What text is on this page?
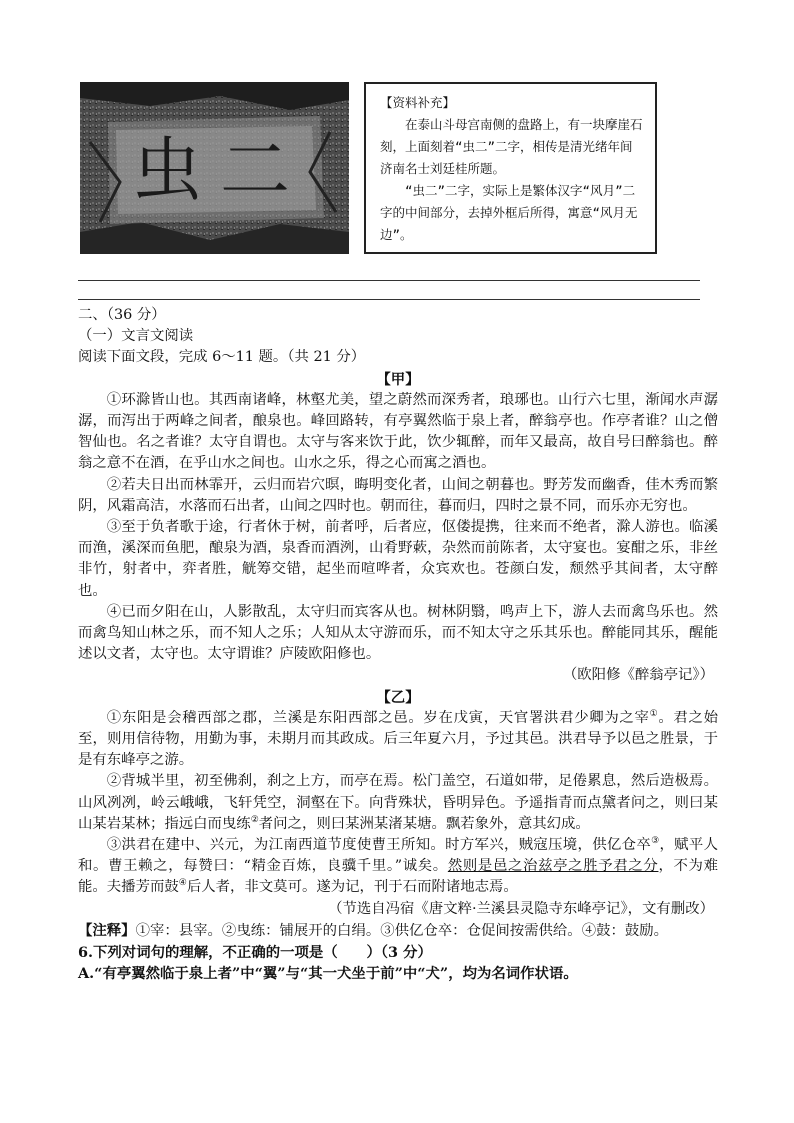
虫二

【资料补充】

在泰山斗母宫南侧的盘路上，有一块摩崖石刻，上面刻着“虫二”二字，相传是清光绪年间济南名士刘廷桂所题。

“虫二”二字，实际上是繁体汉字“风月”二字的中间部分，去掉外框后所得，寓意“风月无边”。

二、（36 分）

（一）文言文阅读

阅读下面文段，完成 6～11 题。（共 21 分）

【甲】

①环滁皆山也。其西南诸峰，林壑尤美，望之蔚然而深秀者，琅琊也。山行六七里，渐闻水声潺潺，而泻出于两峰之间者，酿泉也。峰回路转，有亭翼然临于泉上者，醉翁亭也。作亭者谁？山之僧智仙也。名之者谁？太守自谓也。太守与客来饮于此，饮少辄醉，而年又最高，故自号曰醉翁也。醉翁之意不在酒，在乎山水之间也。山水之乐，得之心而寓之酒也。

②若夫日出而林霏开，云归而岩穴暝，晦明变化者，山间之朝暮也。野芳发而幽香，佳木秀而繁阴，风霜高洁，水落而石出者，山间之四时也。朝而往，暮而归，四时之景不同，而乐亦无穷也。

③至于负者歌于途，行者休于树，前者呼，后者应，伛偻提携，往来而不绝者，滁人游也。临溪而渔，溪深而鱼肥，酿泉为酒，泉香而酒洌，山肴野蔌，杂然而前陈者，太守宴也。宴酣之乐，非丝非竹，射者中，弈者胜，觥筹交错，起坐而喧哗者，众宾欢也。苍颜白发，颓然乎其间者，太守醉也。

④已而夕阳在山，人影散乱，太守归而宾客从也。树林阴翳，鸣声上下，游人去而禽鸟乐也。然而禽鸟知山林之乐，而不知人之乐；人知从太守游而乐，而不知太守之乐其乐也。醉能同其乐，醒能述以文者，太守也。太守谓谁？庐陵欧阳修也。

（欧阳修《醉翁亭记》）

【乙】

①东阳是会稽西部之郡，兰溪是东阳西部之邑。岁在戊寅，天官署洪君少卿为之宰①。君之始至，则用信待物，用勤为事，未期月而其政成。后三年夏六月，予过其邑。洪君导予以邑之胜景，于是有东峰亭之游。

②背城半里，初至佛刹，刹之上方，而亭在焉。松门盖空，石道如带，足倦累息，然后造极焉。山风冽冽，岭云峨峨，飞轩凭空，洞壑在下。向背殊状，昏明异色。予遥指青而点黛者问之，则曰某山某岩某林；指远白而曳练②者问之，则曰某洲某渚某塘。飘若象外，意其幻成。

③洪君在建中、兴元，为江南西道节度使曹王所知。时方军兴，贼寇压境，供亿仓卒③，赋平人和。曹王赖之，每赞曰：“精金百炼，良骥千里。”诚矣。然则是邑之治兹亭之胜予君之分，不为难能。夫播芳而鼓④后人者，非文莫可。遂为记，刊于石而附诸地志焉。

（节选自冯宿《唐文粹·兰溪县灵隐寺东峰亭记》，文有删改）

【注释】①宰：县宰。②曳练：铺展开的白绢。③供亿仓卒：仓促间按需供给。④鼓：鼓励。

6.下列对词句的理解，不正确的一项是（　　）（3 分）

A.“有亭翼然临于泉上者”中“翼”与“其一犬坐于前”中“犬”，均为名词作状语。
